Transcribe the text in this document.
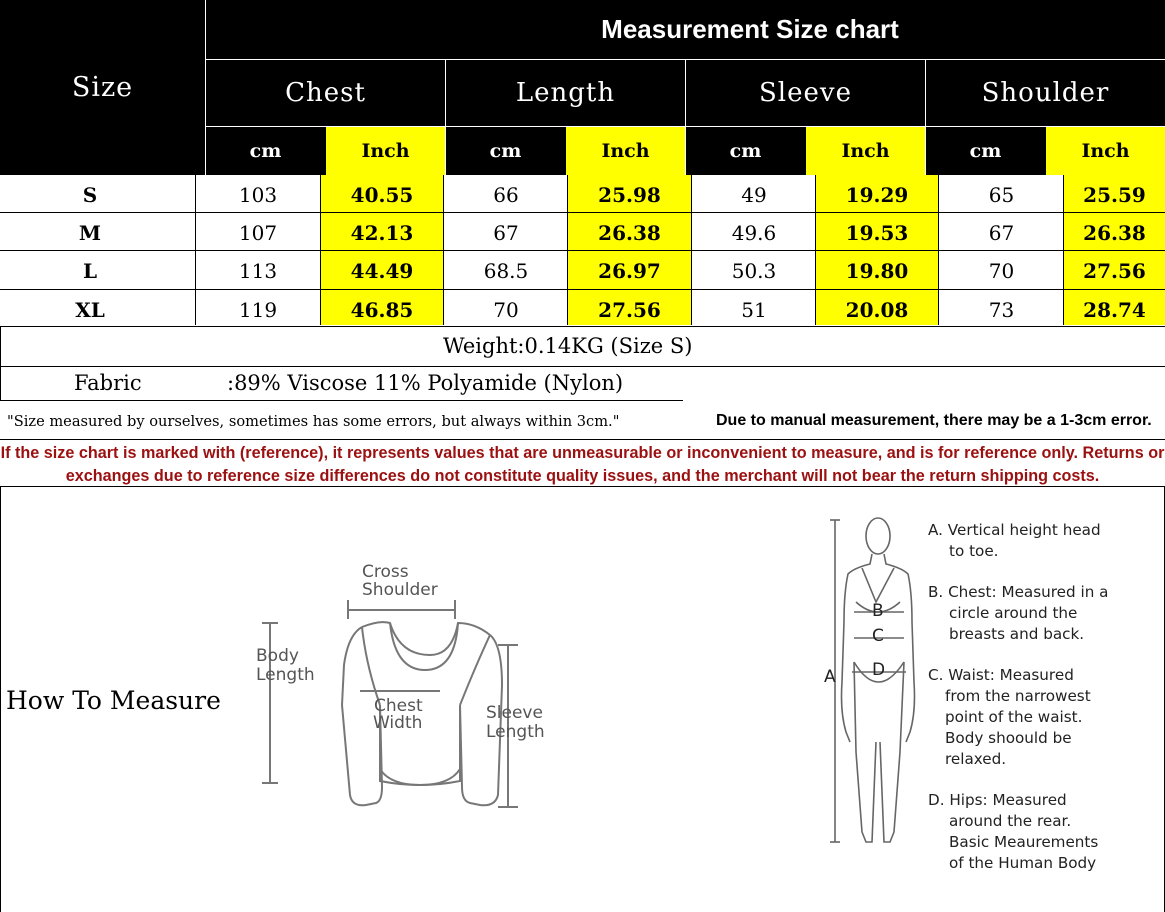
Measurement Size chart
Size	Chest	Length	Sleeve	Shoulder
cm	Inch	cm	Inch	cm	Inch	cm	Inch
S	103	40.55	66	25.98	49	19.29	65	25.59
M	107	42.13	67	26.38	49.6	19.53	67	26.38
L	113	44.49	68.5	26.97	50.3	19.80	70	27.56
XL	119	46.85	70	27.56	51	20.08	73	28.74
Weight:0.14KG (Size S)
Fabric	:89% Viscose 11% Polyamide (Nylon)
"Size measured by ourselves, sometimes has some errors, but always within 3cm."	Due to manual measurement, there may be a 1-3cm error.
If the size chart is marked with (reference), it represents values that are unmeasurable or inconvenient to measure, and is for reference only. Returns or
exchanges due to reference size differences do not constitute quality issues, and the merchant will not bear the return shipping costs.
How To Measure
Cross
Shoulder
Body
Length
Chest
Width	Sleeve
Length
B
C
D
A
A. Vertical height head
to toe.
B. Chest: Measured in a
circle around the
breasts and back.
C. Waist: Measured
from the narrowest
point of the waist.
Body shoould be
relaxed.
D. Hips: Measured
around the rear.
Basic Meaurements
of the Human Body
